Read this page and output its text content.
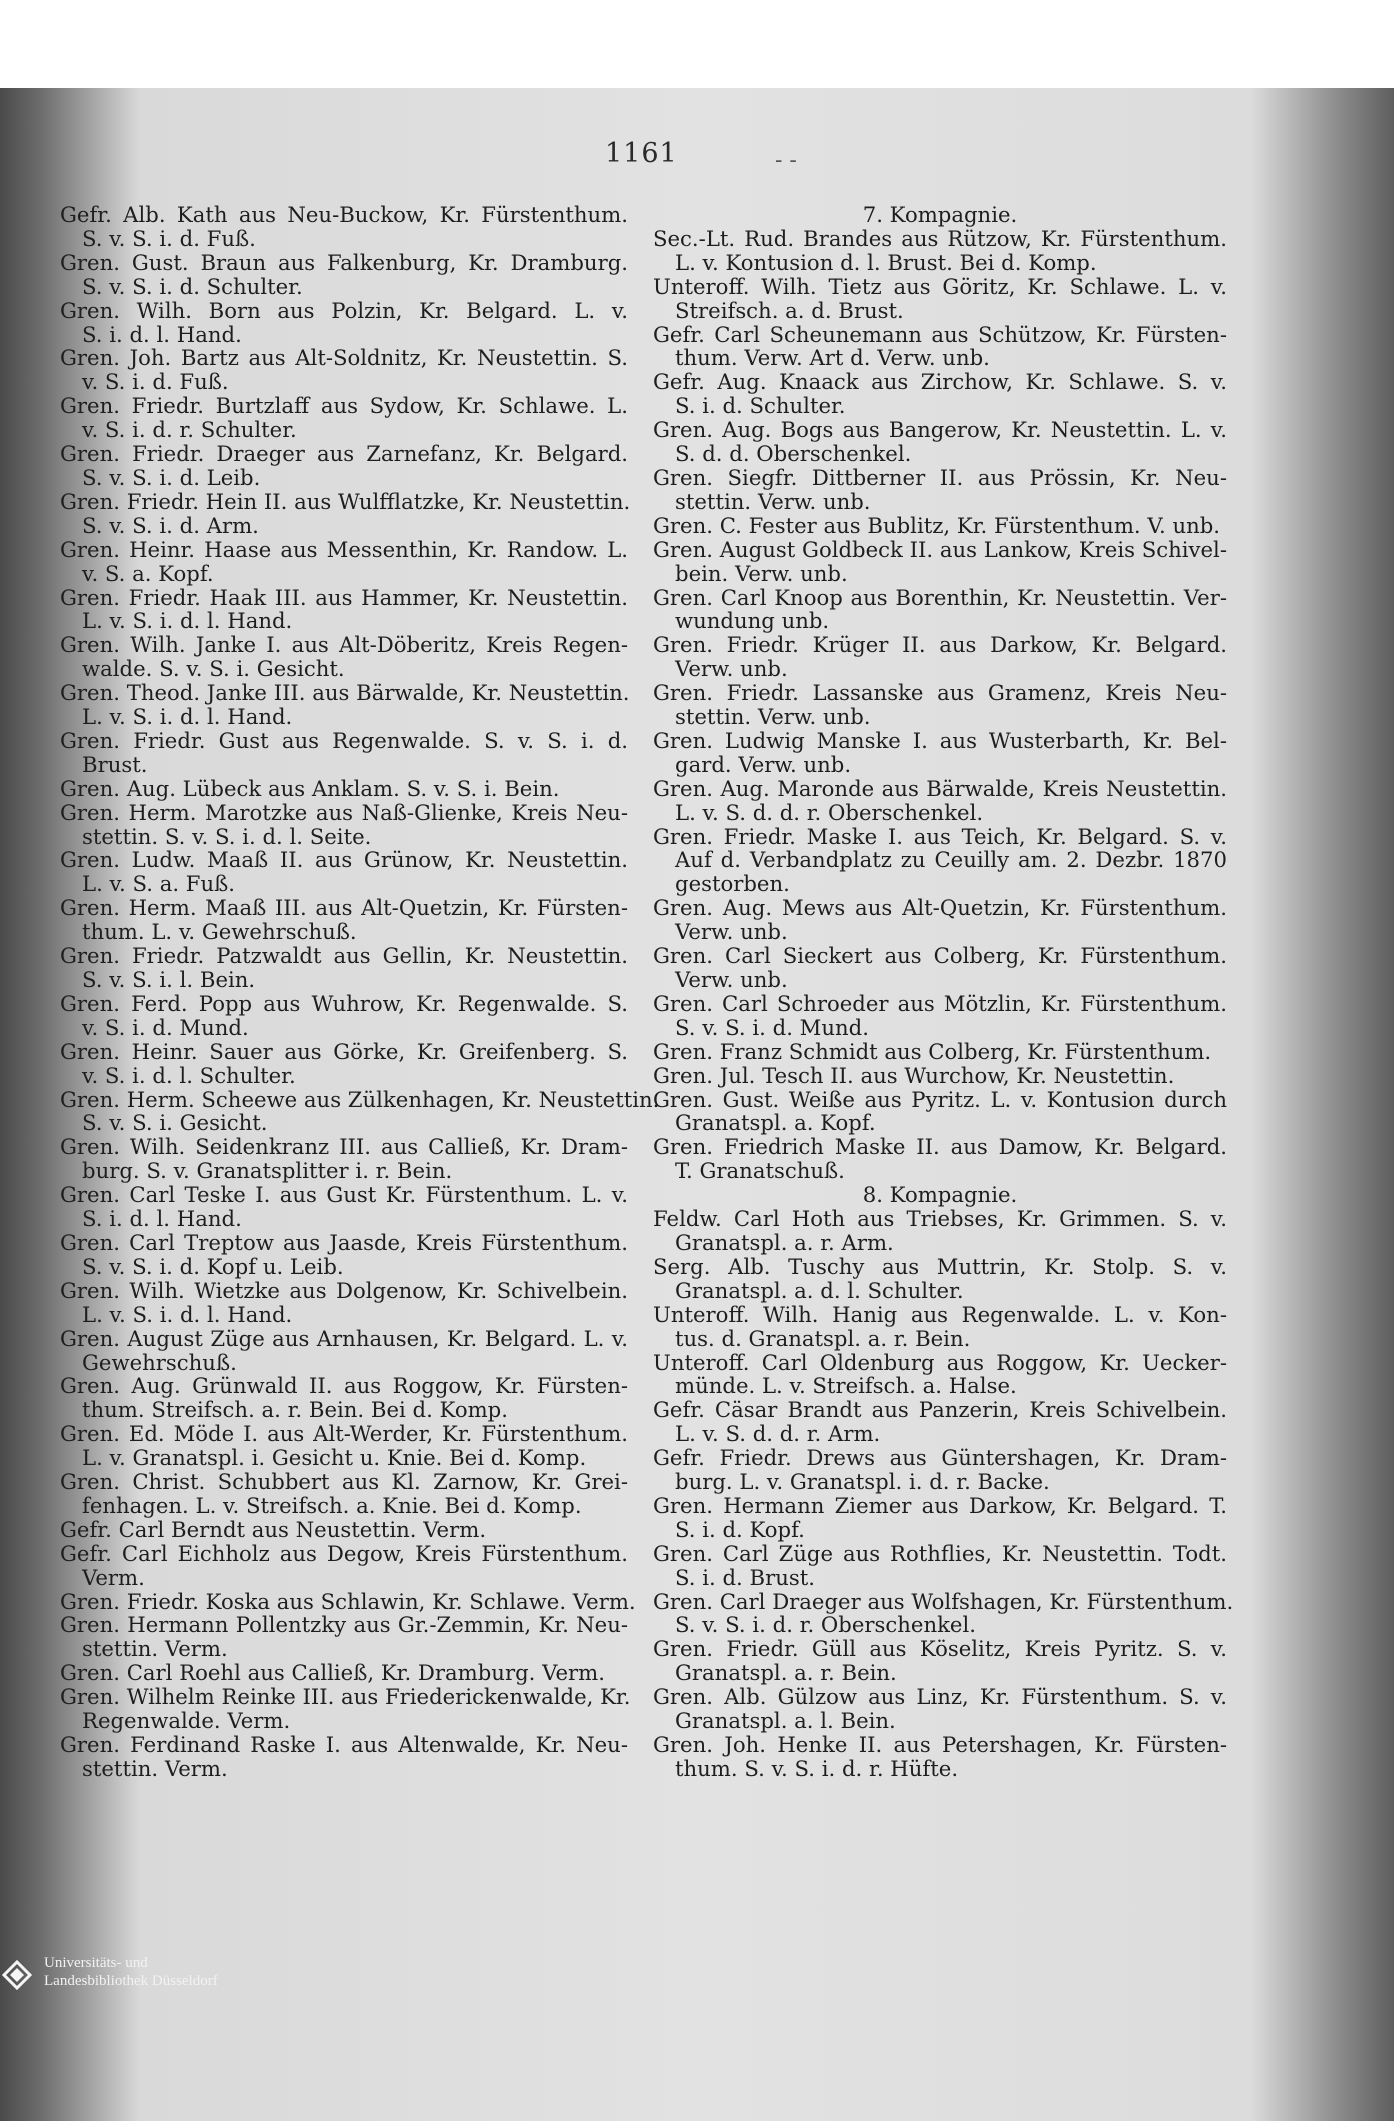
1161	- -
Gefr. Alb. Kath aus Neu-Buckow, Kr. Fürstenthum.
S. v. S. i. d. Fuß.
Gren. Gust. Braun aus Falkenburg, Kr. Dramburg.
S. v. S. i. d. Schulter.
Gren. Wilh. Born aus Polzin, Kr. Belgard. L. v.
S. i. d. l. Hand.
Gren. Joh. Bartz aus Alt-Soldnitz, Kr. Neustettin. S.
v. S. i. d. Fuß.
Gren. Friedr. Burtzlaff aus Sydow, Kr. Schlawe. L.
v. S. i. d. r. Schulter.
Gren. Friedr. Draeger aus Zarnefanz, Kr. Belgard.
S. v. S. i. d. Leib.
Gren. Friedr. Hein II. aus Wulfflatzke, Kr. Neustettin.
S. v. S. i. d. Arm.
Gren. Heinr. Haase aus Messenthin, Kr. Randow. L.
v. S. a. Kopf.
Gren. Friedr. Haak III. aus Hammer, Kr. Neustettin.
L. v. S. i. d. l. Hand.
Gren. Wilh. Janke I. aus Alt-Döberitz, Kreis Regen-
walde. S. v. S. i. Gesicht.
Gren. Theod. Janke III. aus Bärwalde, Kr. Neustettin.
L. v. S. i. d. l. Hand.
Gren. Friedr. Gust aus Regenwalde. S. v. S. i. d.
Brust.
Gren. Aug. Lübeck aus Anklam. S. v. S. i. Bein.
Gren. Herm. Marotzke aus Naß-Glienke, Kreis Neu-
stettin. S. v. S. i. d. l. Seite.
Gren. Ludw. Maaß II. aus Grünow, Kr. Neustettin.
L. v. S. a. Fuß.
Gren. Herm. Maaß III. aus Alt-Quetzin, Kr. Fürsten-
thum. L. v. Gewehrschuß.
Gren. Friedr. Patzwaldt aus Gellin, Kr. Neustettin.
S. v. S. i. l. Bein.
Gren. Ferd. Popp aus Wuhrow, Kr. Regenwalde. S.
v. S. i. d. Mund.
Gren. Heinr. Sauer aus Görke, Kr. Greifenberg. S.
v. S. i. d. l. Schulter.
Gren. Herm. Scheewe aus Zülkenhagen, Kr. Neustettin.
S. v. S. i. Gesicht.
Gren. Wilh. Seidenkranz III. aus Calließ, Kr. Dram-
burg. S. v. Granatsplitter i. r. Bein.
Gren. Carl Teske I. aus Gust Kr. Fürstenthum. L. v.
S. i. d. l. Hand.
Gren. Carl Treptow aus Jaasde, Kreis Fürstenthum.
S. v. S. i. d. Kopf u. Leib.
Gren. Wilh. Wietzke aus Dolgenow, Kr. Schivelbein.
L. v. S. i. d. l. Hand.
Gren. August Züge aus Arnhausen, Kr. Belgard. L. v.
Gewehrschuß.
Gren. Aug. Grünwald II. aus Roggow, Kr. Fürsten-
thum. Streifsch. a. r. Bein. Bei d. Komp.
Gren. Ed. Möde I. aus Alt-Werder, Kr. Fürstenthum.
L. v. Granatspl. i. Gesicht u. Knie. Bei d. Komp.
Gren. Christ. Schubbert aus Kl. Zarnow, Kr. Grei-
fenhagen. L. v. Streifsch. a. Knie. Bei d. Komp.
Gefr. Carl Berndt aus Neustettin. Verm.
Gefr. Carl Eichholz aus Degow, Kreis Fürstenthum.
Verm.
Gren. Friedr. Koska aus Schlawin, Kr. Schlawe. Verm.
Gren. Hermann Pollentzky aus Gr.-Zemmin, Kr. Neu-
stettin. Verm.
Gren. Carl Roehl aus Calließ, Kr. Dramburg. Verm.
Gren. Wilhelm Reinke III. aus Friederickenwalde, Kr.
Regenwalde. Verm.
Gren. Ferdinand Raske I. aus Altenwalde, Kr. Neu-
stettin. Verm.
7. Kompagnie.
Sec.-Lt. Rud. Brandes aus Rützow, Kr. Fürstenthum.
L. v. Kontusion d. l. Brust. Bei d. Komp.
Unteroff. Wilh. Tietz aus Göritz, Kr. Schlawe. L. v.
Streifsch. a. d. Brust.
Gefr. Carl Scheunemann aus Schützow, Kr. Fürsten-
thum. Verw. Art d. Verw. unb.
Gefr. Aug. Knaack aus Zirchow, Kr. Schlawe. S. v.
S. i. d. Schulter.
Gren. Aug. Bogs aus Bangerow, Kr. Neustettin. L. v.
S. d. d. Oberschenkel.
Gren. Siegfr. Dittberner II. aus Prössin, Kr. Neu-
stettin. Verw. unb.
Gren. C. Fester aus Bublitz, Kr. Fürstenthum. V. unb.
Gren. August Goldbeck II. aus Lankow, Kreis Schivel-
bein. Verw. unb.
Gren. Carl Knoop aus Borenthin, Kr. Neustettin. Ver-
wundung unb.
Gren. Friedr. Krüger II. aus Darkow, Kr. Belgard.
Verw. unb.
Gren. Friedr. Lassanske aus Gramenz, Kreis Neu-
stettin. Verw. unb.
Gren. Ludwig Manske I. aus Wusterbarth, Kr. Bel-
gard. Verw. unb.
Gren. Aug. Maronde aus Bärwalde, Kreis Neustettin.
L. v. S. d. d. r. Oberschenkel.
Gren. Friedr. Maske I. aus Teich, Kr. Belgard. S. v.
Auf d. Verbandplatz zu Ceuilly am. 2. Dezbr. 1870
gestorben.
Gren. Aug. Mews aus Alt-Quetzin, Kr. Fürstenthum.
Verw. unb.
Gren. Carl Sieckert aus Colberg, Kr. Fürstenthum.
Verw. unb.
Gren. Carl Schroeder aus Mötzlin, Kr. Fürstenthum.
S. v. S. i. d. Mund.
Gren. Franz Schmidt aus Colberg, Kr. Fürstenthum.
Gren. Jul. Tesch II. aus Wurchow, Kr. Neustettin.
Gren. Gust. Weiße aus Pyritz. L. v. Kontusion durch
Granatspl. a. Kopf.
Gren. Friedrich Maske II. aus Damow, Kr. Belgard.
T. Granatschuß.
8. Kompagnie.
Feldw. Carl Hoth aus Triebses, Kr. Grimmen. S. v.
Granatspl. a. r. Arm.
Serg. Alb. Tuschy aus Muttrin, Kr. Stolp. S. v.
Granatspl. a. d. l. Schulter.
Unteroff. Wilh. Hanig aus Regenwalde. L. v. Kon-
tus. d. Granatspl. a. r. Bein.
Unteroff. Carl Oldenburg aus Roggow, Kr. Uecker-
münde. L. v. Streifsch. a. Halse.
Gefr. Cäsar Brandt aus Panzerin, Kreis Schivelbein.
L. v. S. d. d. r. Arm.
Gefr. Friedr. Drews aus Güntershagen, Kr. Dram-
burg. L. v. Granatspl. i. d. r. Backe.
Gren. Hermann Ziemer aus Darkow, Kr. Belgard. T.
S. i. d. Kopf.
Gren. Carl Züge aus Rothflies, Kr. Neustettin. Todt.
S. i. d. Brust.
Gren. Carl Draeger aus Wolfshagen, Kr. Fürstenthum.
S. v. S. i. d. r. Oberschenkel.
Gren. Friedr. Güll aus Köselitz, Kreis Pyritz. S. v.
Granatspl. a. r. Bein.
Gren. Alb. Gülzow aus Linz, Kr. Fürstenthum. S. v.
Granatspl. a. l. Bein.
Gren. Joh. Henke II. aus Petershagen, Kr. Fürsten-
thum. S. v. S. i. d. r. Hüfte.
Universitäts- und
Landesbibliothek Düsseldorf
